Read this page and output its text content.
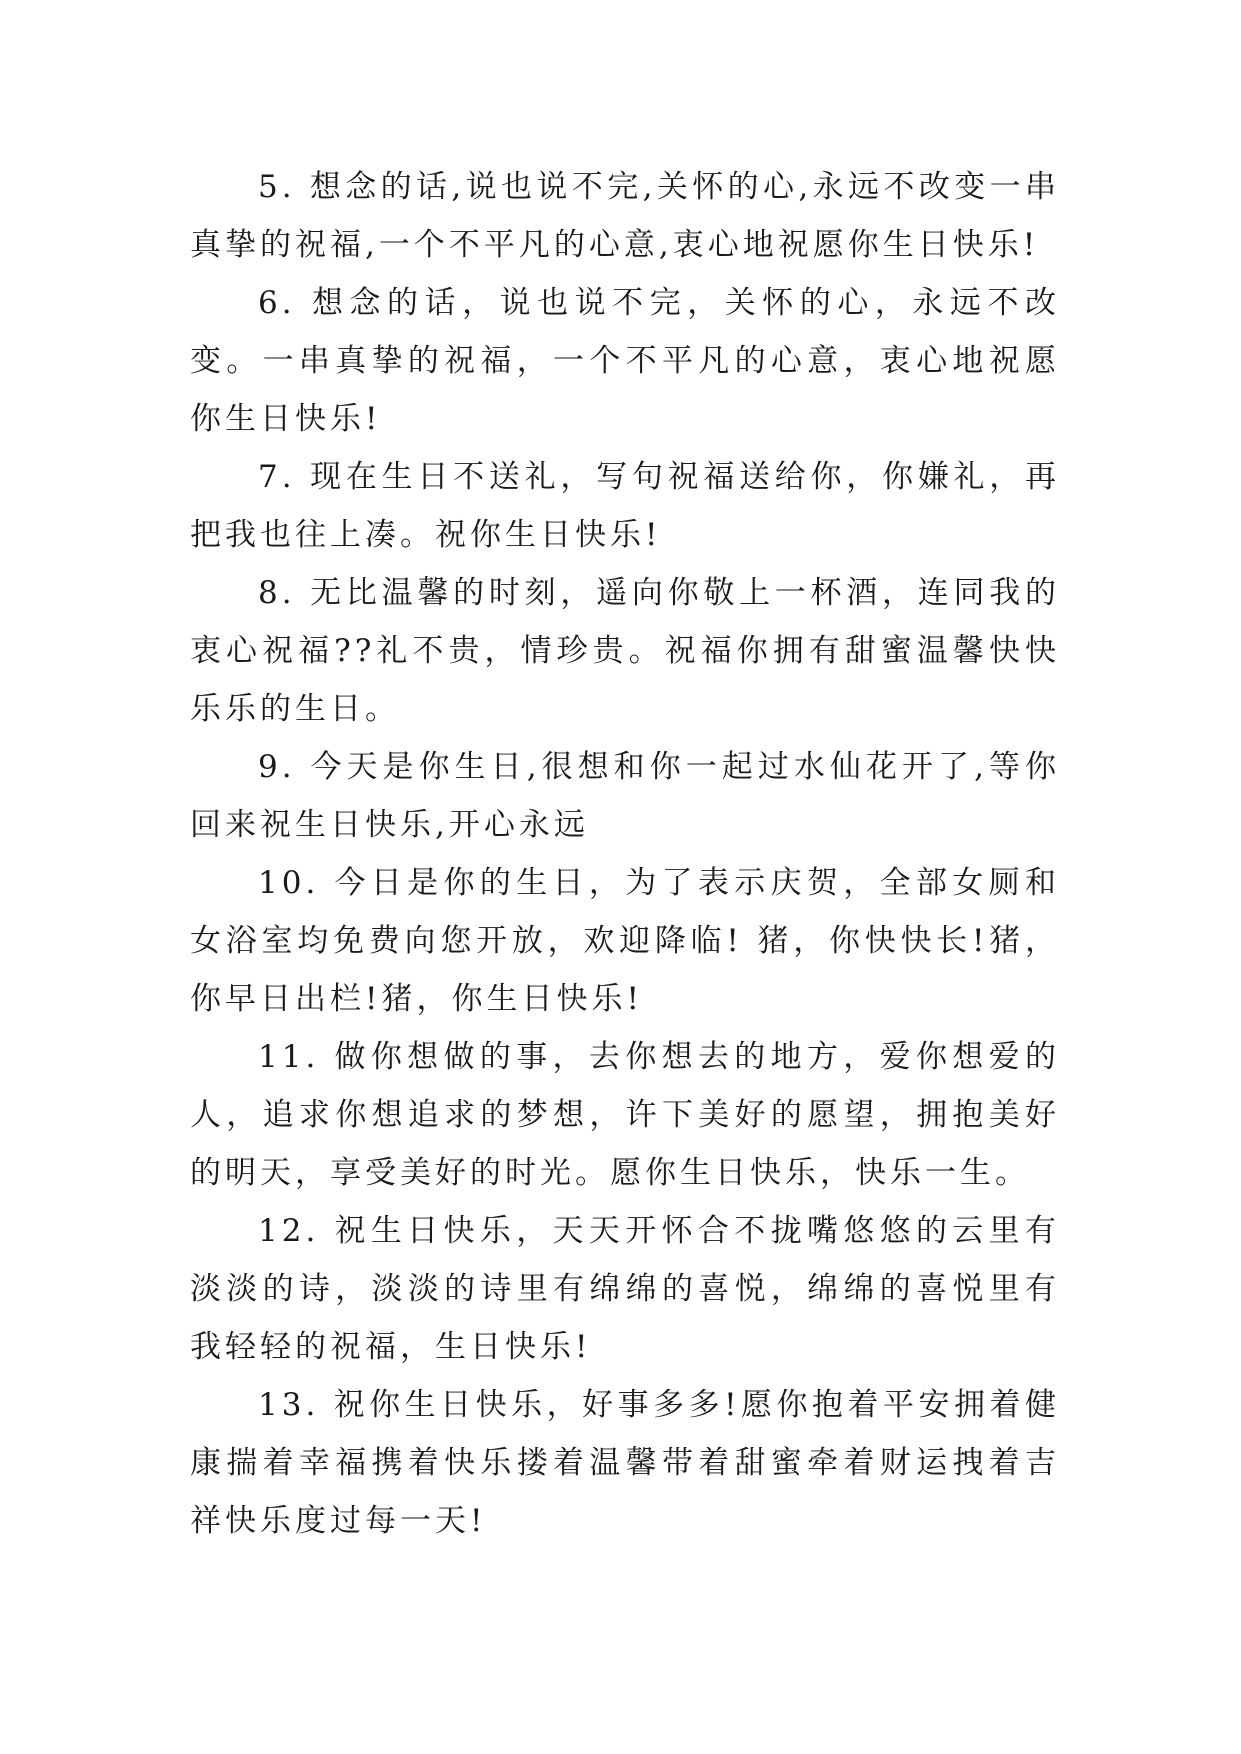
5. 想念的话,说也说不完,关怀的心,永远不改变一串真挚的祝福,一个不平凡的心意,衷心地祝愿你生日快乐!

6. 想念的话，说也说不完，关怀的心，永远不改变。一串真挚的祝福，一个不平凡的心意，衷心地祝愿你生日快乐!

7. 现在生日不送礼，写句祝福送给你，你嫌礼，再把我也往上凑。祝你生日快乐!

8. 无比温馨的时刻，遥向你敬上一杯酒，连同我的衷心祝福??礼不贵，情珍贵。祝福你拥有甜蜜温馨快快乐乐的生日。

9. 今天是你生日,很想和你一起过水仙花开了,等你回来祝生日快乐,开心永远

10. 今日是你的生日，为了表示庆贺，全部女厕和女浴室均免费向您开放，欢迎降临! 猪，你快快长!猪，你早日出栏!猪，你生日快乐!

11. 做你想做的事，去你想去的地方，爱你想爱的人，追求你想追求的梦想，许下美好的愿望，拥抱美好的明天，享受美好的时光。愿你生日快乐，快乐一生。

12. 祝生日快乐，天天开怀合不拢嘴悠悠的云里有淡淡的诗，淡淡的诗里有绵绵的喜悦，绵绵的喜悦里有我轻轻的祝福，生日快乐!

13. 祝你生日快乐，好事多多!愿你抱着平安拥着健康揣着幸福携着快乐搂着温馨带着甜蜜牵着财运拽着吉祥快乐度过每一天!
